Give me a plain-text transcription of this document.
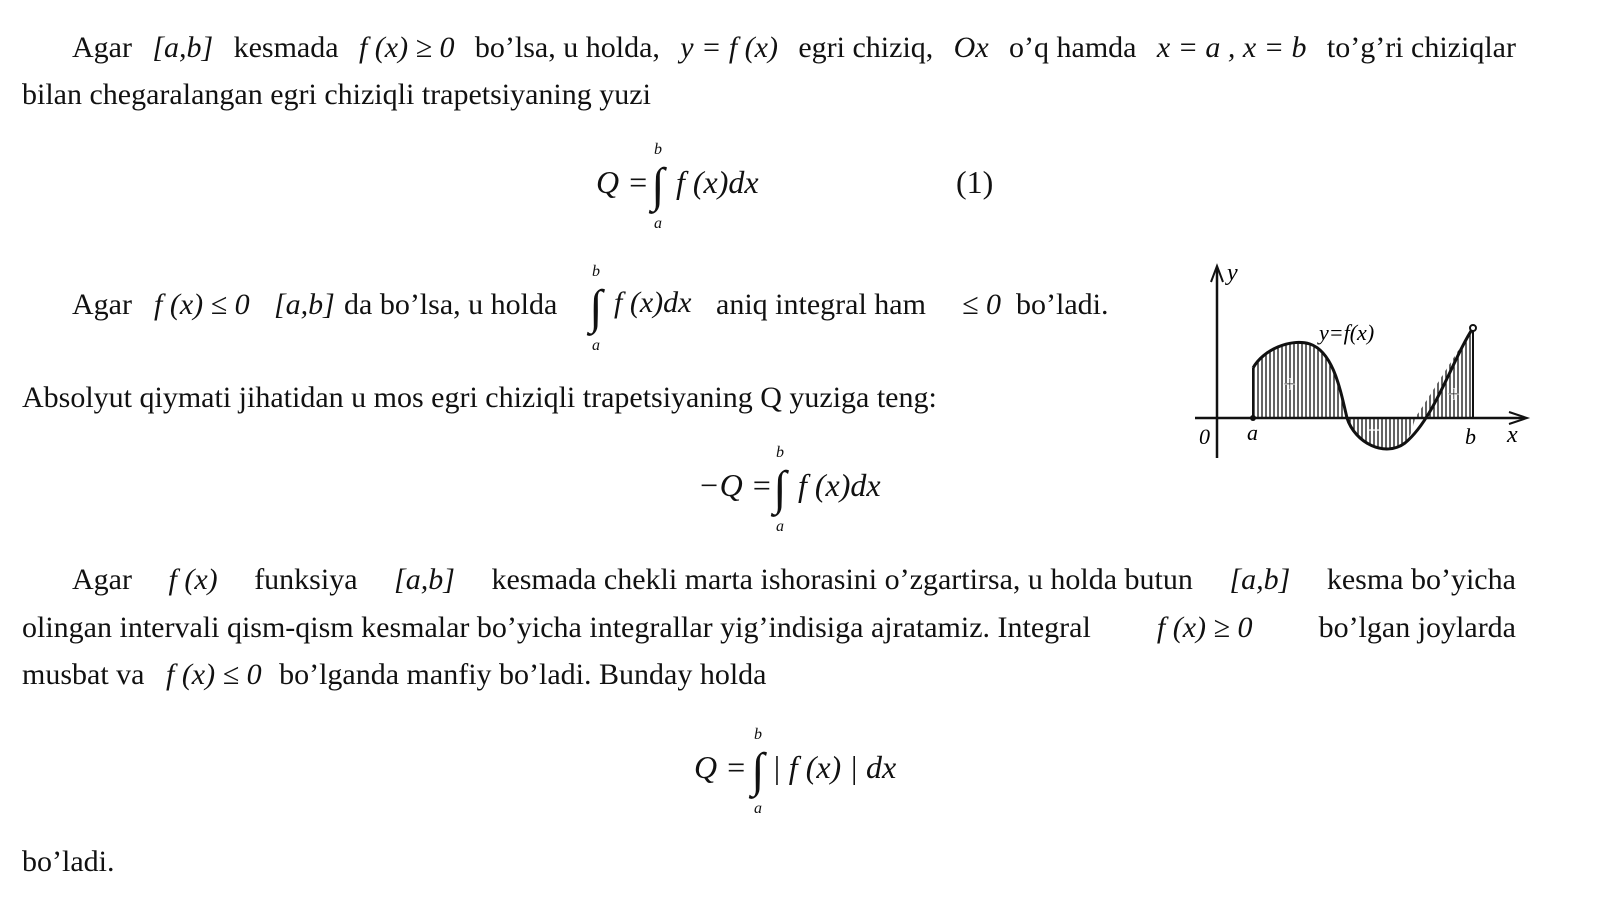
Agar [a,b] kesmada f (x) ≥ 0 bo’lsa, u holda, y = f (x) egri chiziq, Ox o’q hamda x = a , x = b to’g’ri chiziqlar
bilan chegaralangan egri chiziqli trapetsiyaning yuzi
Q =
b
∫
a
f (x)dx	(1)
Agar f (x) ≤ 0 [a,b] da bo’lsa, u holda
b
∫
a
f (x)dx aniq integral ham ≤ 0 bo’ladi.
Absolyut qiymati jihatidan u mos egri chiziqli trapetsiyaning Q yuziga teng:
−Q =
b
∫
a
f (x)dx
Agar f (x) funksiya [a,b] kesmada chekli marta ishorasini o’zgartirsa, u holda butun [a,b] kesma bo’yicha
olingan intervali qism-qism kesmalar bo’yicha integrallar yig’indisiga ajratamiz. Integral f (x) ≥ 0 bo’lgan joylarda
musbat va f (x) ≤ 0 bo’lganda manfiy bo’ladi. Bunday holda
Q =
b
∫
a
| f (x) | dx
bo’ladi.
y
x
0 a	b
y=f(x)
+	+
−
